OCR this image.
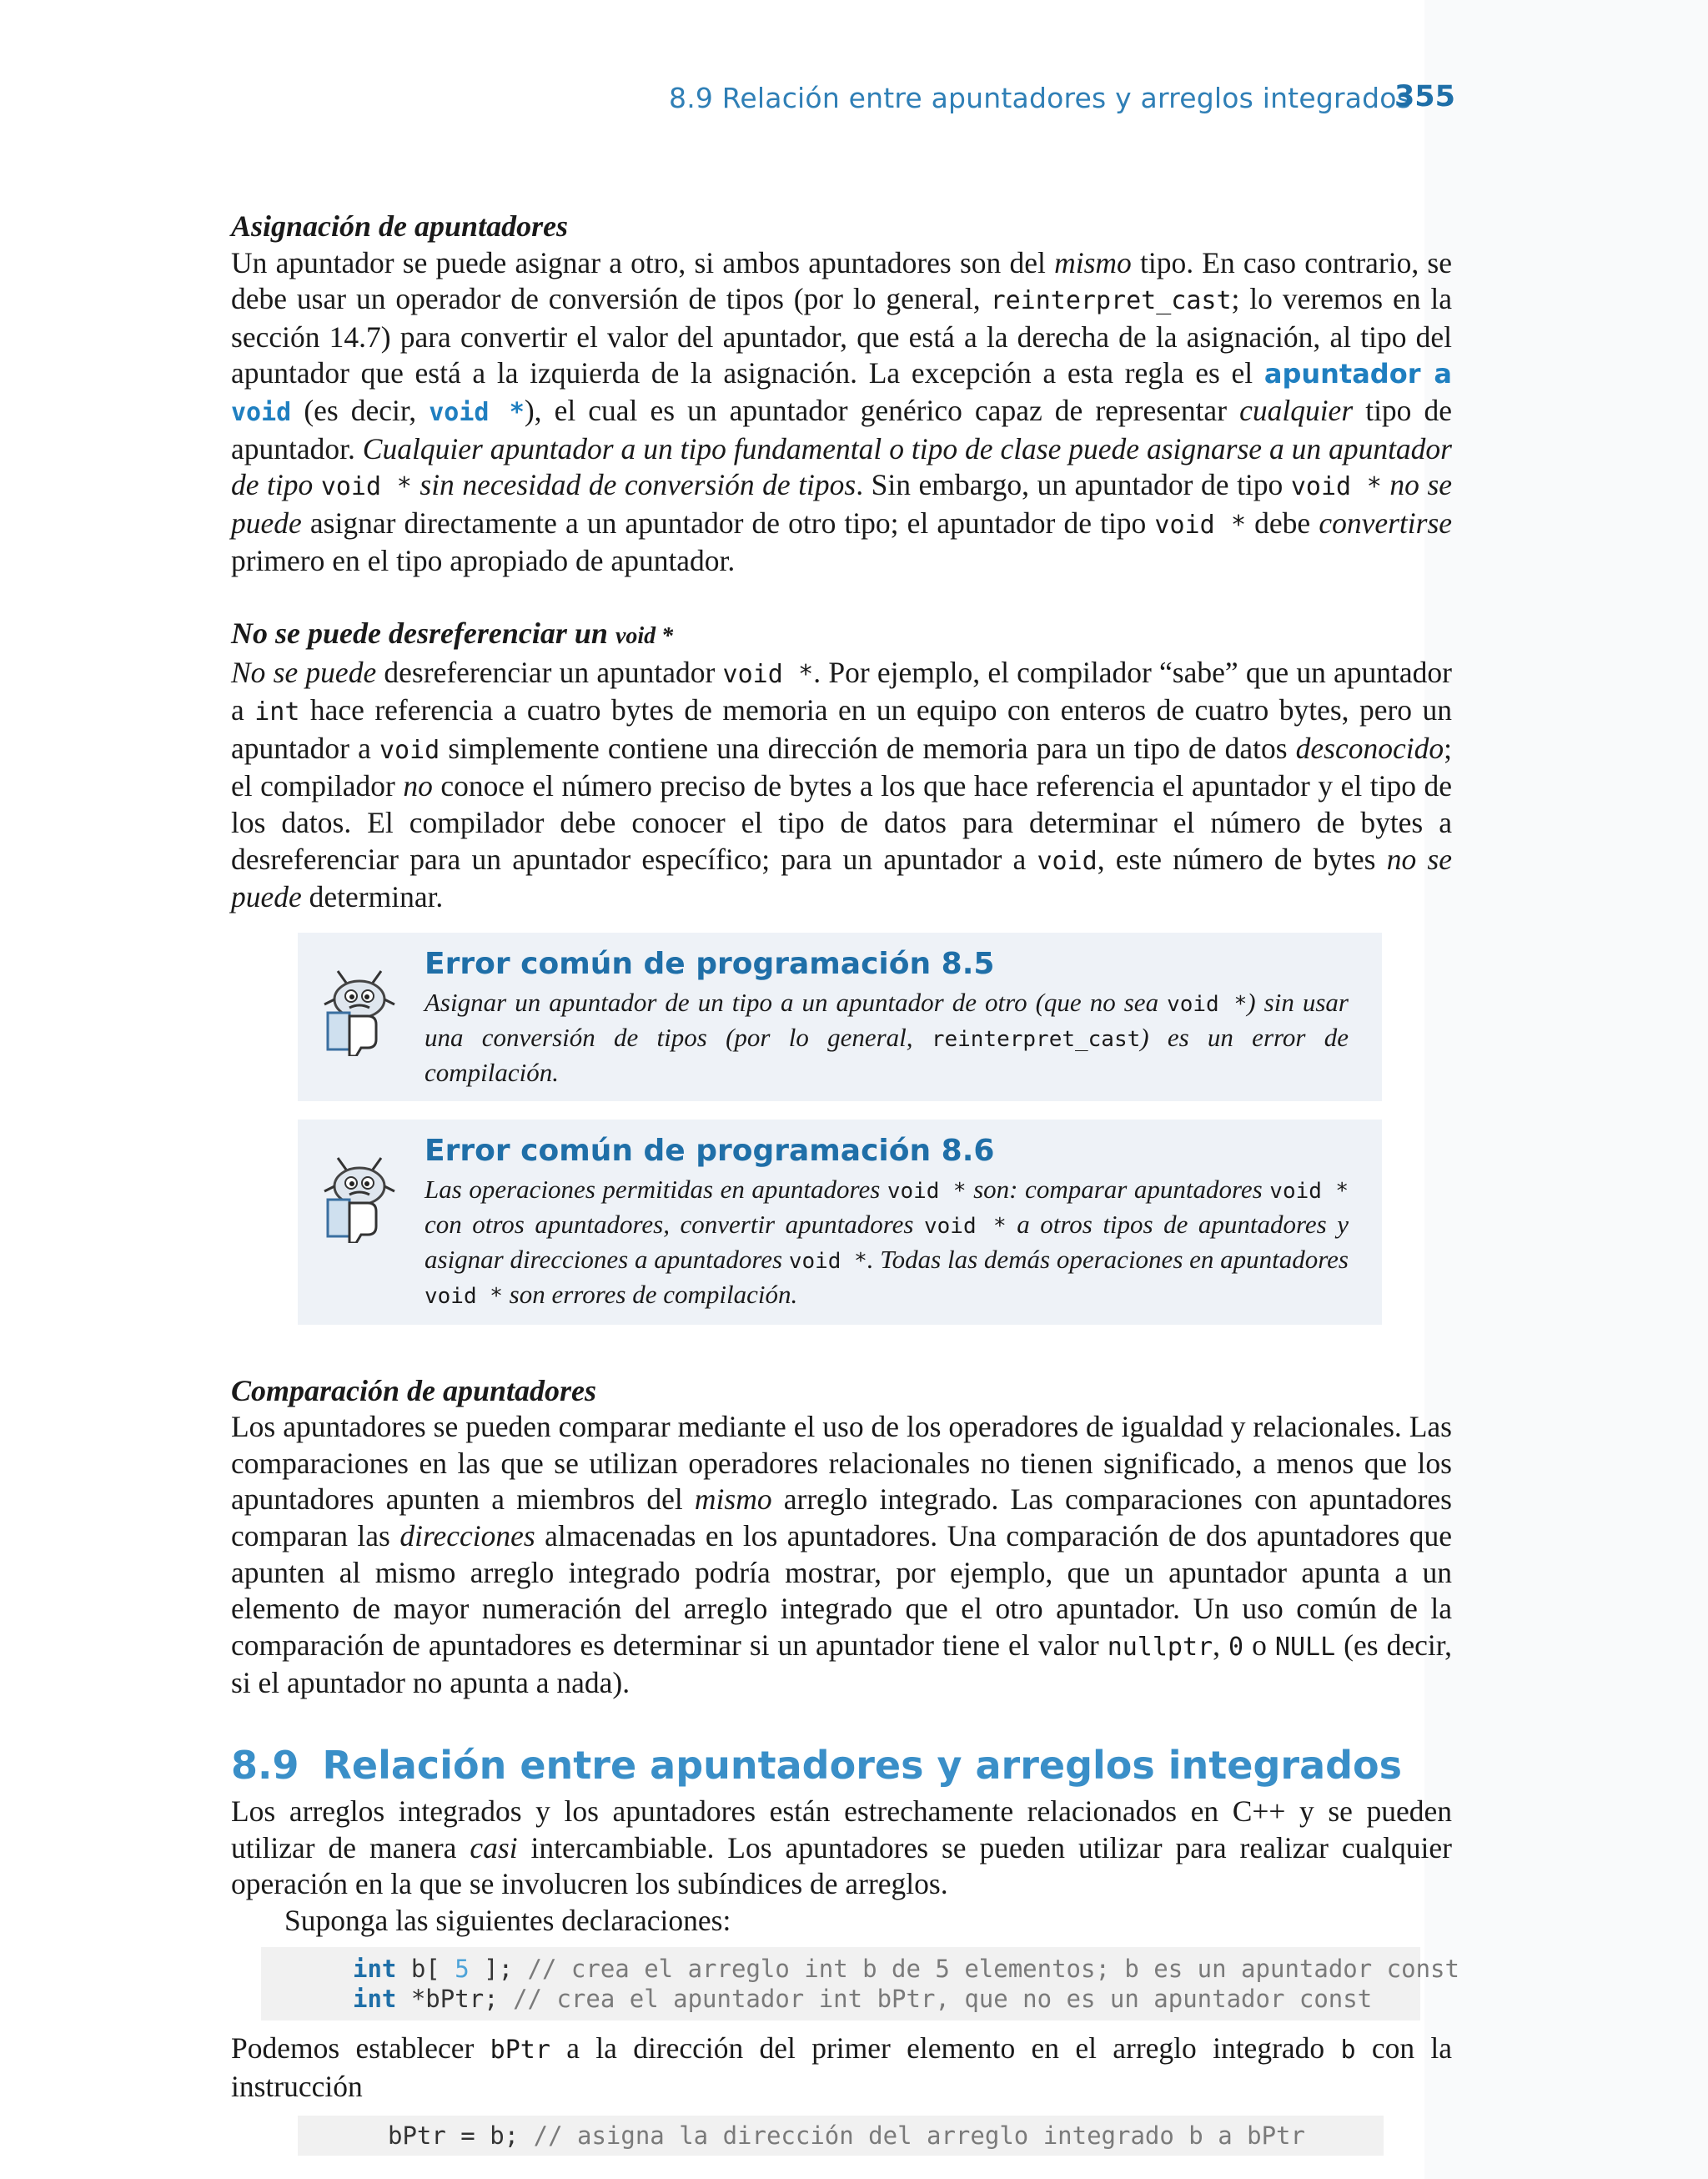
8.9 Relación entre apuntadores y arreglos integrados
355
Asignación de apuntadores

Un apuntador se puede asignar a otro, si ambos apuntadores son del mismo tipo. En caso contrario, se debe usar un operador de conversión de tipos (por lo general, reinterpret_cast; lo veremos en la sección 14.7) para convertir el valor del apuntador, que está a la derecha de la asignación, al tipo del apuntador que está a la izquierda de la asignación. La excepción a esta regla es el apuntador a void (es decir, void *), el cual es un apuntador genérico capaz de representar cualquier tipo de apuntador. Cualquier apuntador a un tipo fundamental o tipo de clase puede asignarse a un apuntador de tipo void * sin necesidad de conversión de tipos. Sin embargo, un apuntador de tipo void * no se puede asignar directamente a un apuntador de otro tipo; el apuntador de tipo void * debe convertirse primero en el tipo apropiado de apuntador.

No se puede desreferenciar un void *

No se puede desreferenciar un apuntador void *. Por ejemplo, el compilador “sabe” que un apuntador a int hace referencia a cuatro bytes de memoria en un equipo con enteros de cuatro bytes, pero un apuntador a void simplemente contiene una dirección de memoria para un tipo de datos desconocido; el compilador no conoce el número preciso de bytes a los que hace referencia el apuntador y el tipo de los datos. El compilador debe conocer el tipo de datos para determinar el número de bytes a desreferenciar para un apuntador específico; para un apuntador a void, este número de bytes no se puede determinar.

Error común de programación 8.5

Asignar un apuntador de un tipo a un apuntador de otro (que no sea void *) sin usar una conversión de tipos (por lo general, reinterpret_cast) es un error de compilación.

Error común de programación 8.6

Las operaciones permitidas en apuntadores void * son: comparar apuntadores void * con otros apuntadores, convertir apuntadores void * a otros tipos de apuntadores y asignar direcciones a apuntadores void *. Todas las demás operaciones en apuntadores void * son errores de compilación.

Comparación de apuntadores

Los apuntadores se pueden comparar mediante el uso de los operadores de igualdad y relacionales. Las comparaciones en las que se utilizan operadores relacionales no tienen significado, a menos que los apuntadores apunten a miembros del mismo arreglo integrado. Las comparaciones con apuntadores comparan las direcciones almacenadas en los apuntadores. Una comparación de dos apuntadores que apunten al mismo arreglo integrado podría mostrar, por ejemplo, que un apuntador apunta a un elemento de mayor numeración del arreglo integrado que el otro apuntador. Un uso común de la comparación de apuntadores es determinar si un apuntador tiene el valor nullptr, 0 o NULL (es decir, si el apuntador no apunta a nada).

8.9 Relación entre apuntadores y arreglos integrados

Los arreglos integrados y los apuntadores están estrechamente relacionados en C++ y se pueden utilizar de manera casi intercambiable. Los apuntadores se pueden utilizar para realizar cualquier operación en la que se involucren los subíndices de arreglos.

Suponga las siguientes declaraciones:

int b[ 5 ]; // crea el arreglo int b de 5 elementos; b es un apuntador const
int *bPtr; // crea el apuntador int bPtr, que no es un apuntador const

Podemos establecer bPtr a la dirección del primer elemento en el arreglo integrado b con la instrucción

bPtr = b; // asigna la dirección del arreglo integrado b a bPtr
